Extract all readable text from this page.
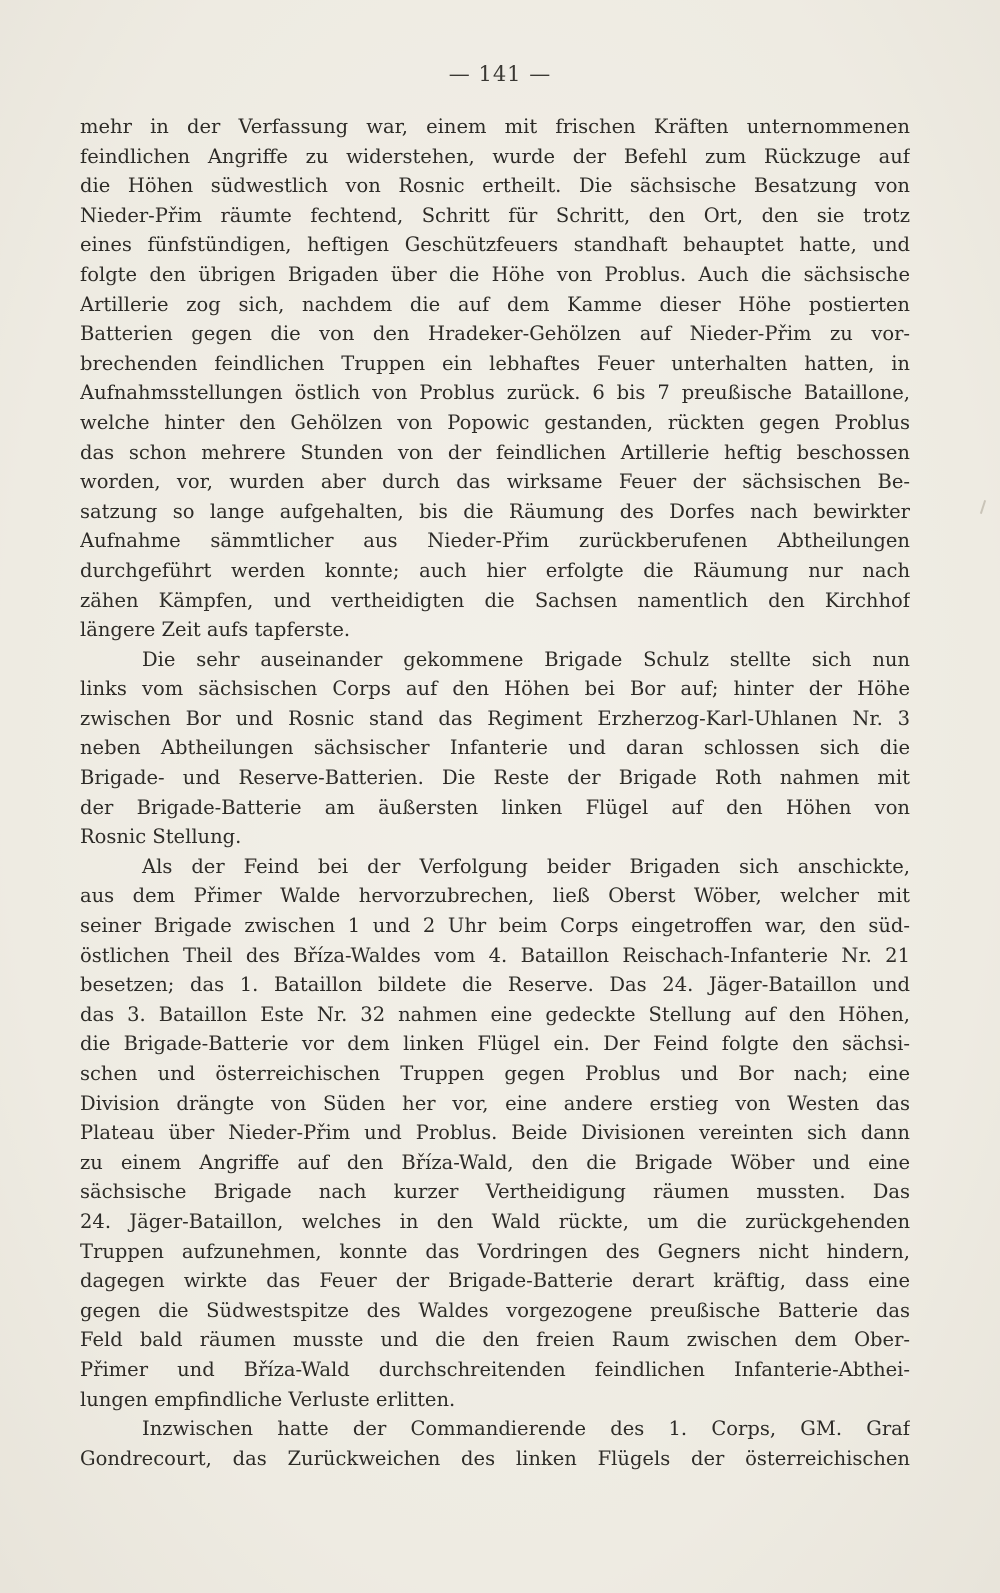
— 141 —
mehr in der Verfassung war, einem mit frischen Kräften unternommenen
feindlichen Angriffe zu widerstehen, wurde der Befehl zum Rückzuge auf
die Höhen südwestlich von Rosnic ertheilt. Die sächsische Besatzung von
Nieder-Přim räumte fechtend, Schritt für Schritt, den Ort, den sie trotz
eines fünfstündigen, heftigen Geschützfeuers standhaft behauptet hatte, und
folgte den übrigen Brigaden über die Höhe von Problus. Auch die sächsische
Artillerie zog sich, nachdem die auf dem Kamme dieser Höhe postierten
Batterien gegen die von den Hradeker-Gehölzen auf Nieder-Přim zu vor-
brechenden feindlichen Truppen ein lebhaftes Feuer unterhalten hatten, in
Aufnahmsstellungen östlich von Problus zurück. 6 bis 7 preußische Bataillone,
welche hinter den Gehölzen von Popowic gestanden, rückten gegen Problus
das schon mehrere Stunden von der feindlichen Artillerie heftig beschossen
worden, vor, wurden aber durch das wirksame Feuer der sächsischen Be-
satzung so lange aufgehalten, bis die Räumung des Dorfes nach bewirkter
Aufnahme sämmtlicher aus Nieder-Přim zurückberufenen Abtheilungen
durchgeführt werden konnte; auch hier erfolgte die Räumung nur nach
zähen Kämpfen, und vertheidigten die Sachsen namentlich den Kirchhof
längere Zeit aufs tapferste.
Die sehr auseinander gekommene Brigade Schulz stellte sich nun
links vom sächsischen Corps auf den Höhen bei Bor auf; hinter der Höhe
zwischen Bor und Rosnic stand das Regiment Erzherzog-Karl-Uhlanen Nr. 3
neben Abtheilungen sächsischer Infanterie und daran schlossen sich die
Brigade- und Reserve-Batterien. Die Reste der Brigade Roth nahmen mit
der Brigade-Batterie am äußersten linken Flügel auf den Höhen von
Rosnic Stellung.
Als der Feind bei der Verfolgung beider Brigaden sich anschickte,
aus dem Přimer Walde hervorzubrechen, ließ Oberst Wöber, welcher mit
seiner Brigade zwischen 1 und 2 Uhr beim Corps eingetroffen war, den süd-
östlichen Theil des Bříza-Waldes vom 4. Bataillon Reischach-Infanterie Nr. 21
besetzen; das 1. Bataillon bildete die Reserve. Das 24. Jäger-Bataillon und
das 3. Bataillon Este Nr. 32 nahmen eine gedeckte Stellung auf den Höhen,
die Brigade-Batterie vor dem linken Flügel ein. Der Feind folgte den sächsi-
schen und österreichischen Truppen gegen Problus und Bor nach; eine
Division drängte von Süden her vor, eine andere erstieg von Westen das
Plateau über Nieder-Přim und Problus. Beide Divisionen vereinten sich dann
zu einem Angriffe auf den Bříza-Wald, den die Brigade Wöber und eine
sächsische Brigade nach kurzer Vertheidigung räumen mussten. Das
24. Jäger-Bataillon, welches in den Wald rückte, um die zurückgehenden
Truppen aufzunehmen, konnte das Vordringen des Gegners nicht hindern,
dagegen wirkte das Feuer der Brigade-Batterie derart kräftig, dass eine
gegen die Südwestspitze des Waldes vorgezogene preußische Batterie das
Feld bald räumen musste und die den freien Raum zwischen dem Ober-
Přimer und Bříza-Wald durchschreitenden feindlichen Infanterie-Abthei-
lungen empfindliche Verluste erlitten.
Inzwischen hatte der Commandierende des 1. Corps, GM. Graf
Gondrecourt, das Zurückweichen des linken Flügels der österreichischen
